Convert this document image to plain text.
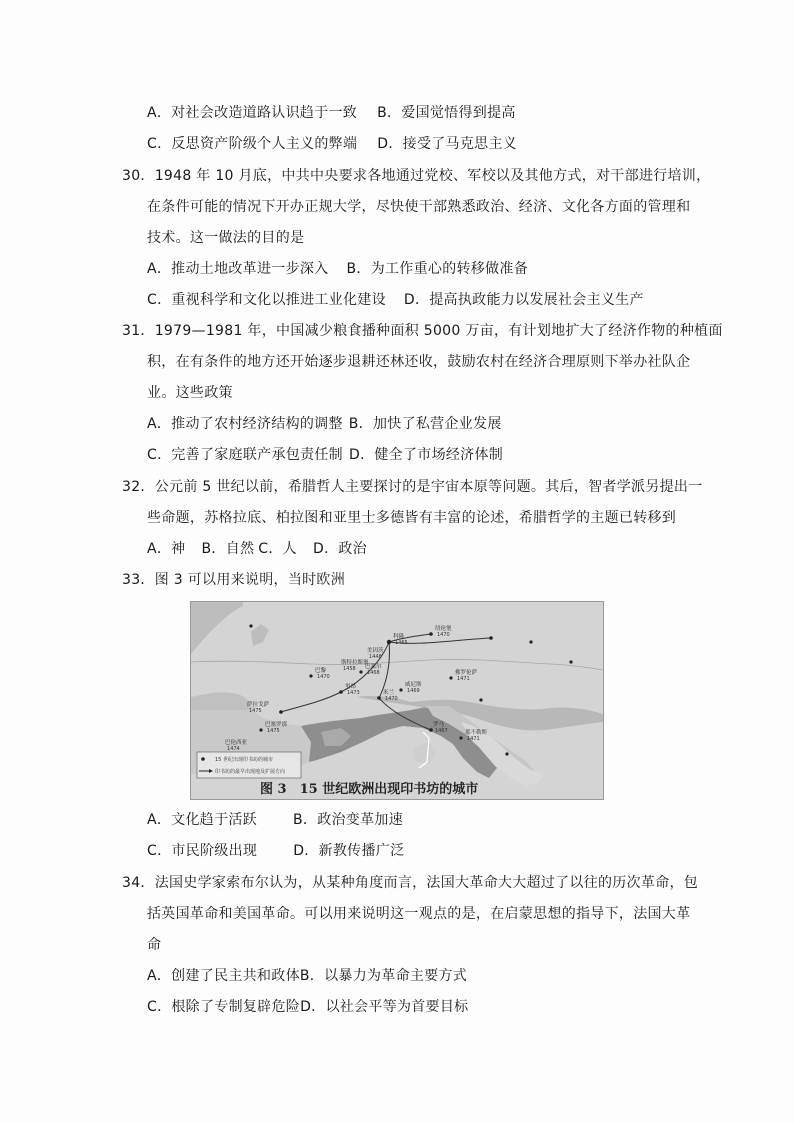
A．对社会改造道路认识趋于一致 B．爱国觉悟得到提高
C．反思资产阶级个人主义的弊端 D．接受了马克思主义
30．1948 年 10 月底，中共中央要求各地通过党校、军校以及其他方式，对干部进行培训，
在条件可能的情况下开办正规大学，尽快使干部熟悉政治、经济、文化各方面的管理和
技术。这一做法的目的是
A．推动土地改革进一步深入 B．为工作重心的转移做准备
C．重视科学和文化以推进工业化建设 D．提高执政能力以发展社会主义生产
31．1979—1981 年，中国减少粮食播种面积 5000 万亩，有计划地扩大了经济作物的种植面
积，在有条件的地方还开始逐步退耕还林还收，鼓励农村在经济合理原则下举办社队企
业。这些政策
A．推动了农村经济结构的调整 B．加快了私营企业发展
C．完善了家庭联产承包责任制 D．健全了市场经济体制
32．公元前 5 世纪以前，希腊哲人主要探讨的是宇宙本原等问题。其后，智者学派另提出一
些命题，苏格拉底、柏拉图和亚里士多德皆有丰富的论述，希腊哲学的主题已转移到
A．神 B．自然 C．人 D．政治
33．图 3 可以用来说明，当时欧洲
科隆
1465
美因茨
1448
斯特拉斯堡
1458
巴黎
1470
威尼斯
1469
罗马
1467	那不勒斯
1471
巴塞罗那
1475
萨拉戈萨
1475
巴伦西亚
1474
里昂
1473
巴塞尔
1468
纽伦堡
1470
米兰
1470
佛罗伦萨
1471
15 世纪出现印书坊的城市
印书坊的最早出现地及扩展方向
图 3　15 世纪欧洲出现印书坊的城市
A．文化趋于活跃	B．政治变革加速
C．市民阶级出现	D．新教传播广泛
34．法国史学家索布尔认为，从某种角度而言，法国大革命大大超过了以往的历次革命，包
括英国革命和美国革命。可以用来说明这一观点的是，在启蒙思想的指导下，法国大革
命
A．创建了民主共和政体B．以暴力为革命主要方式
C．根除了专制复辟危险D．以社会平等为首要目标
